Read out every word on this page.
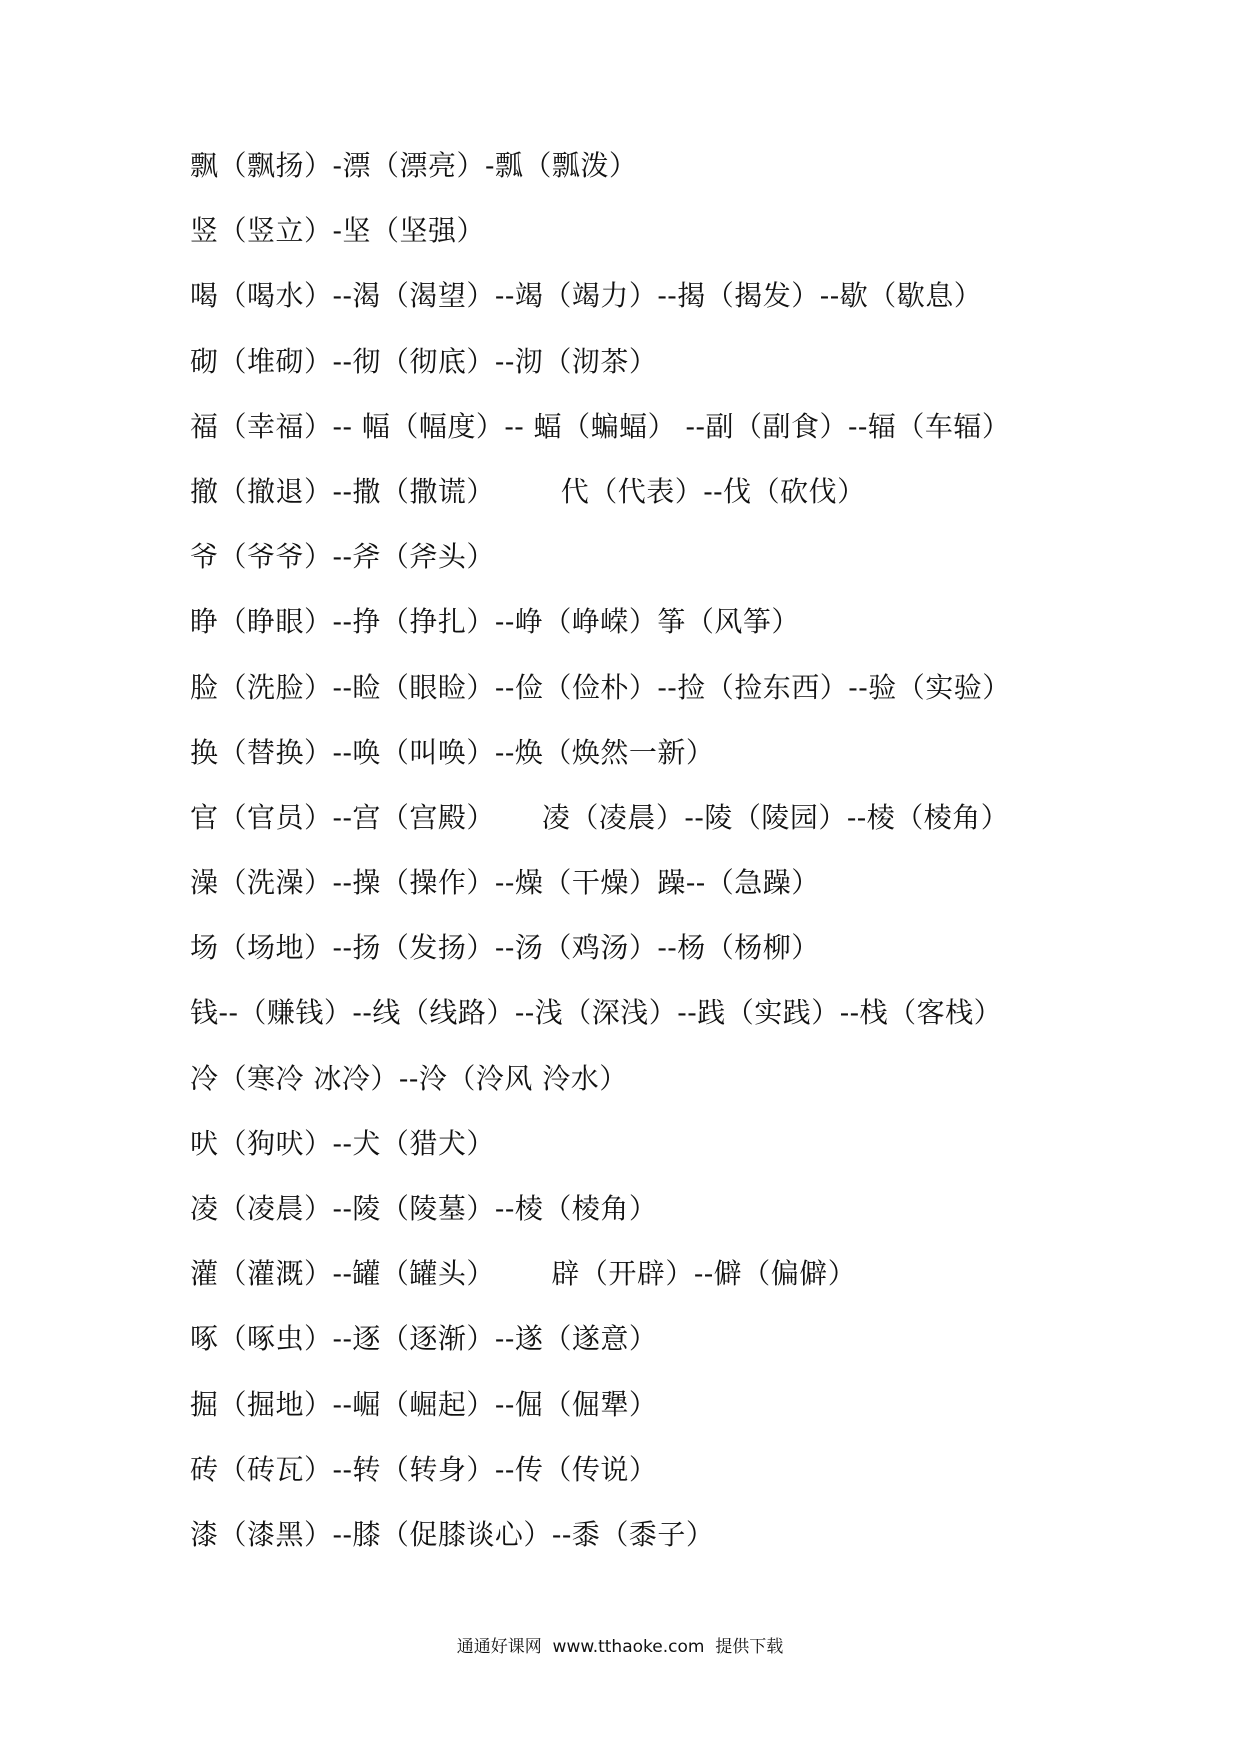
飘（飘扬）-漂（漂亮）-瓢（瓢泼）
竖（竖立）-坚（坚强）
喝（喝水）--渴（渴望）--竭（竭力）--揭（揭发）--歇（歇息）
砌（堆砌）--彻（彻底）--沏（沏茶）
福（幸福）-- 幅（幅度）-- 蝠（蝙蝠） --副（副食）--辐（车辐）
撤（撤退）--撒（撒谎）       代（代表）--伐（砍伐）
爷（爷爷）--斧（斧头）
睁（睁眼）--挣（挣扎）--峥（峥嵘）筝（风筝）
脸（洗脸）--睑（眼睑）--俭（俭朴）--捡（捡东西）--验（实验）
换（替换）--唤（叫唤）--焕（焕然一新）
官（官员）--宫（宫殿）     凌（凌晨）--陵（陵园）--棱（棱角）
澡（洗澡）--操（操作）--燥（干燥）躁--（急躁）
场（场地）--扬（发扬）--汤（鸡汤）--杨（杨柳）
钱--（赚钱）--线（线路）--浅（深浅）--践（实践）--栈（客栈）
冷（寒冷 冰冷）--泠（泠风 泠水）
吠（狗吠）--犬（猎犬）
凌（凌晨）--陵（陵墓）--棱（棱角）
灌（灌溉）--罐（罐头）      辟（开辟）--僻（偏僻）
啄（啄虫）--逐（逐渐）--遂（遂意）
掘（掘地）--崛（崛起）--倔（倔犟）
砖（砖瓦）--转（转身）--传（传说）
漆（漆黑）--膝（促膝谈心）--黍（黍子）
通通好课网  www.tthaoke.com  提供下载
